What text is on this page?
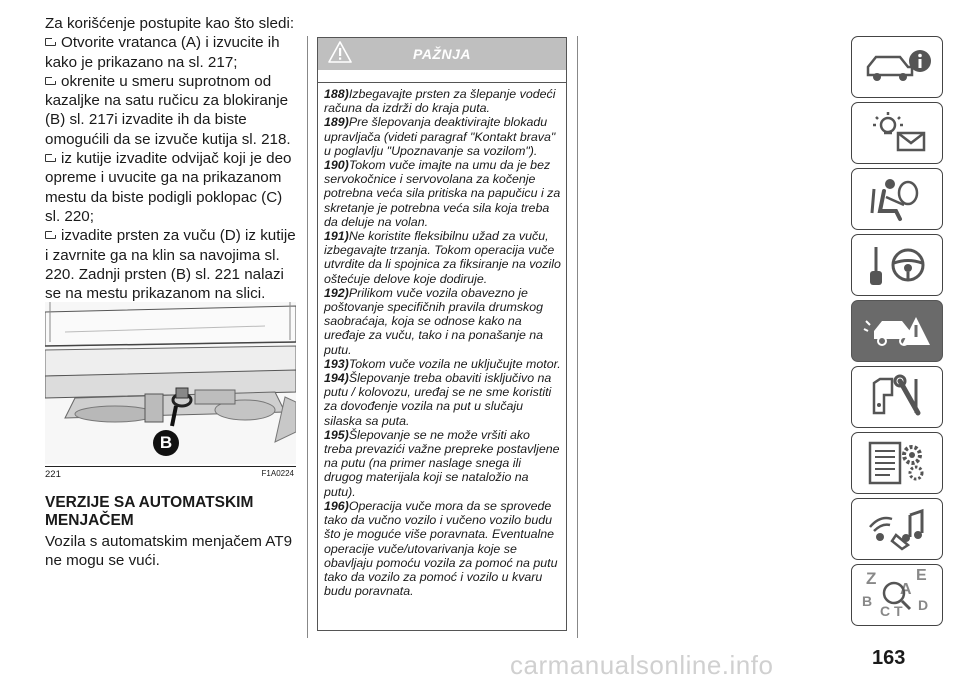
Za korišćenje postupite kao što sledi:

Otvorite vratanca (A) i izvucite ih kako je prikazano na sl. 217;

okrenite u smeru suprotnom od kazaljke na satu ručicu za blokiranje (B) sl. 217i izvadite ih da biste omogućili da se izvuče kutija sl. 218.

iz kutije izvadite odvijač koji je deo opreme i uvucite ga na prikazanom mestu da biste podigli poklopac (C) sl. 220;

izvadite prsten za vuču (D) iz kutije i zavrnite ga na klin sa navojima sl. 220. Zadnji prsten (B) sl. 221 nalazi se na mestu prikazanom na slici.

B
221	F1A0224
VERZIJE SA AUTOMATSKIM MENJAČEM

Vozila s automatskim menjačem AT9 ne mogu se vući.

PAŽNJA

188)Izbegavajte prsten za šlepanje vodeći računa da izdrži do kraja puta.

189)Pre šlepovanja deaktivirajte blokadu upravljača (videti paragraf "Kontakt brava" u poglavlju "Upoznavanje sa vozilom").

190)Tokom vuče imajte na umu da je bez servokočnice i servovolana za kočenje potrebna veća sila pritiska na papučicu i za skretanje je potrebna veća sila koja treba da deluje na volan.

191)Ne koristite fleksibilnu užad za vuču, izbegavajte trzanja. Tokom operacija vuče utvrdite da li spojnica za fiksiranje na vozilo oštećuje delove koje dodiruje.

192)Prilikom vuče vozila obavezno je poštovanje specifičnih pravila drumskog saobraćaja, koja se odnose kako na uređaje za vuču, tako i na ponašanje na putu.

193)Tokom vuče vozila ne uključujte motor.

194)Šlepovanje treba obaviti isključivo na putu / kolovozu, uređaj se ne sme koristiti za dovođenje vozila na put u slučaju silaska sa puta.

195)Šlepovanje se ne može vršiti ako treba prevazići važne prepreke postavljene na putu (na primer naslage snega ili drugog materijala koji se nataložio na putu).

196)Operacija vuče mora da se sprovede tako da vučno vozilo i vučeno vozilo budu što je moguće više poravnata. Eventualne operacije vuče/utovarivanja koje se obavljaju pomoću vozila za pomoć na putu tako da vozilo za pomoć i vozilo u kvaru budu poravnata.

Z E
A
B
C T D
carmanualsonline.info	163
